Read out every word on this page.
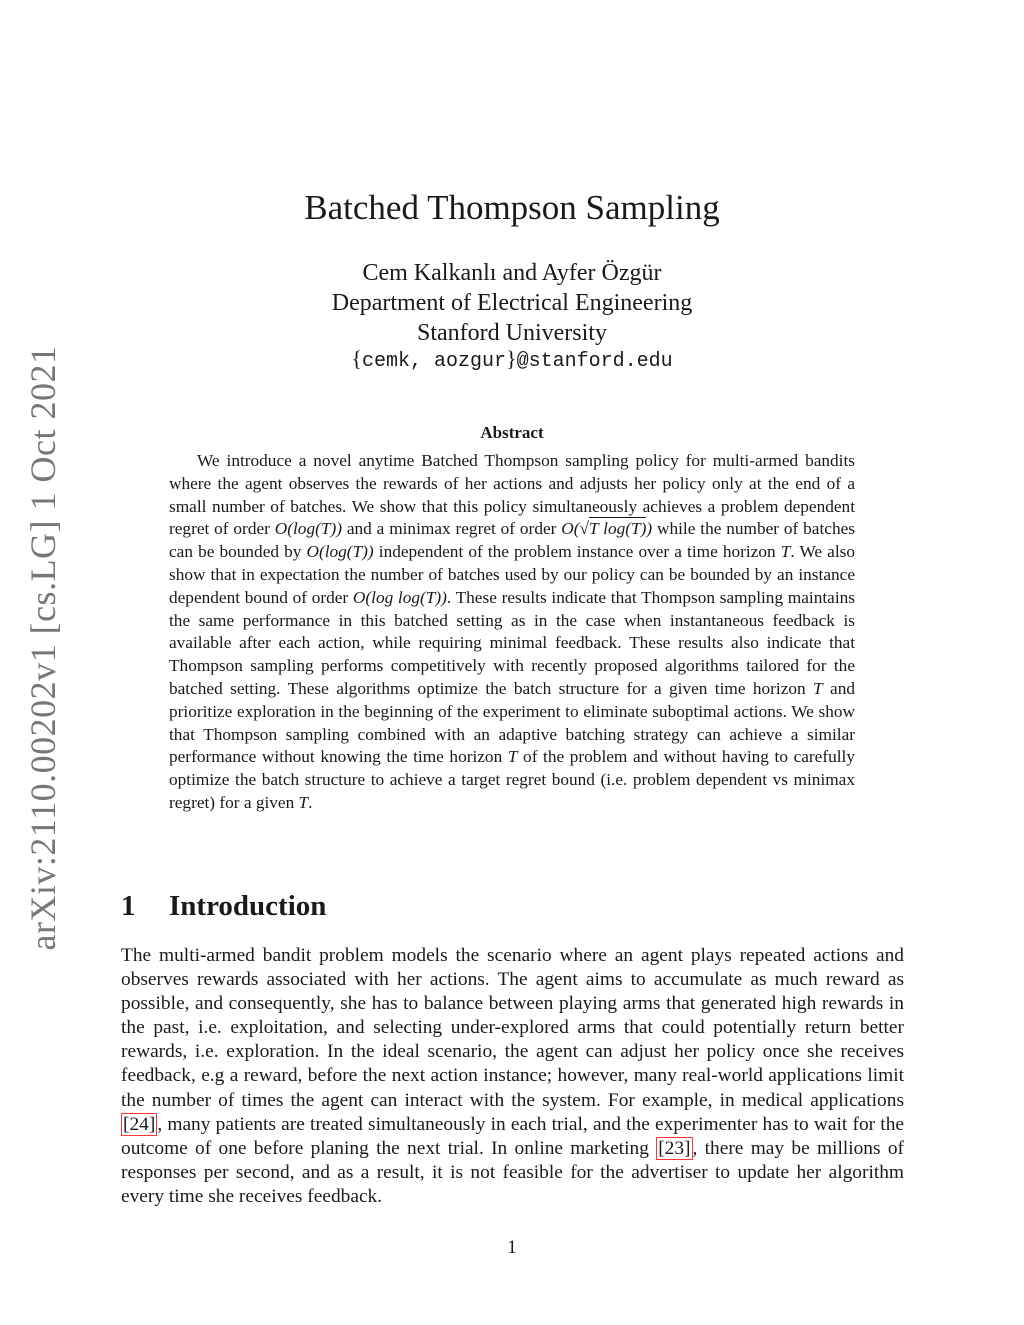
arXiv:2110.00202v1 [cs.LG] 1 Oct 2021
Batched Thompson Sampling
Cem Kalkanlı and Ayfer Özgür
Department of Electrical Engineering
Stanford University
{cemk, aozgur}@stanford.edu
Abstract

We introduce a novel anytime Batched Thompson sampling policy for multi-armed bandits where the agent observes the rewards of her actions and adjusts her policy only at the end of a small number of batches. We show that this policy simultaneously achieves a problem dependent regret of order O(log(T)) and a minimax regret of order O(√T log(T)) while the number of batches can be bounded by O(log(T)) independent of the problem instance over a time horizon T. We also show that in expectation the number of batches used by our policy can be bounded by an instance dependent bound of order O(log log(T)). These results indicate that Thompson sampling maintains the same performance in this batched setting as in the case when instantaneous feedback is available after each action, while requiring minimal feedback. These results also indicate that Thompson sampling performs competitively with recently proposed algorithms tailored for the batched setting. These algorithms optimize the batch structure for a given time horizon T and prioritize exploration in the beginning of the experiment to eliminate suboptimal actions. We show that Thompson sampling combined with an adaptive batching strategy can achieve a similar performance without knowing the time horizon T of the problem and without having to carefully optimize the batch structure to achieve a target regret bound (i.e. problem dependent vs minimax regret) for a given T.

1 Introduction

The multi-armed bandit problem models the scenario where an agent plays repeated actions and observes rewards associated with her actions. The agent aims to accumulate as much reward as possible, and consequently, she has to balance between playing arms that generated high rewards in the past, i.e. exploitation, and selecting under-explored arms that could potentially return better rewards, i.e. exploration. In the ideal scenario, the agent can adjust her policy once she receives feedback, e.g a reward, before the next action instance; however, many real-world applications limit the number of times the agent can interact with the system. For example, in medical applications [24] , many patients are treated simultaneously in each trial, and the experimenter has to wait for the outcome of one before planing the next trial. In online marketing [23] , there may be millions of responses per second, and as a result, it is not feasible for the advertiser to update her algorithm every time she receives feedback.

1
